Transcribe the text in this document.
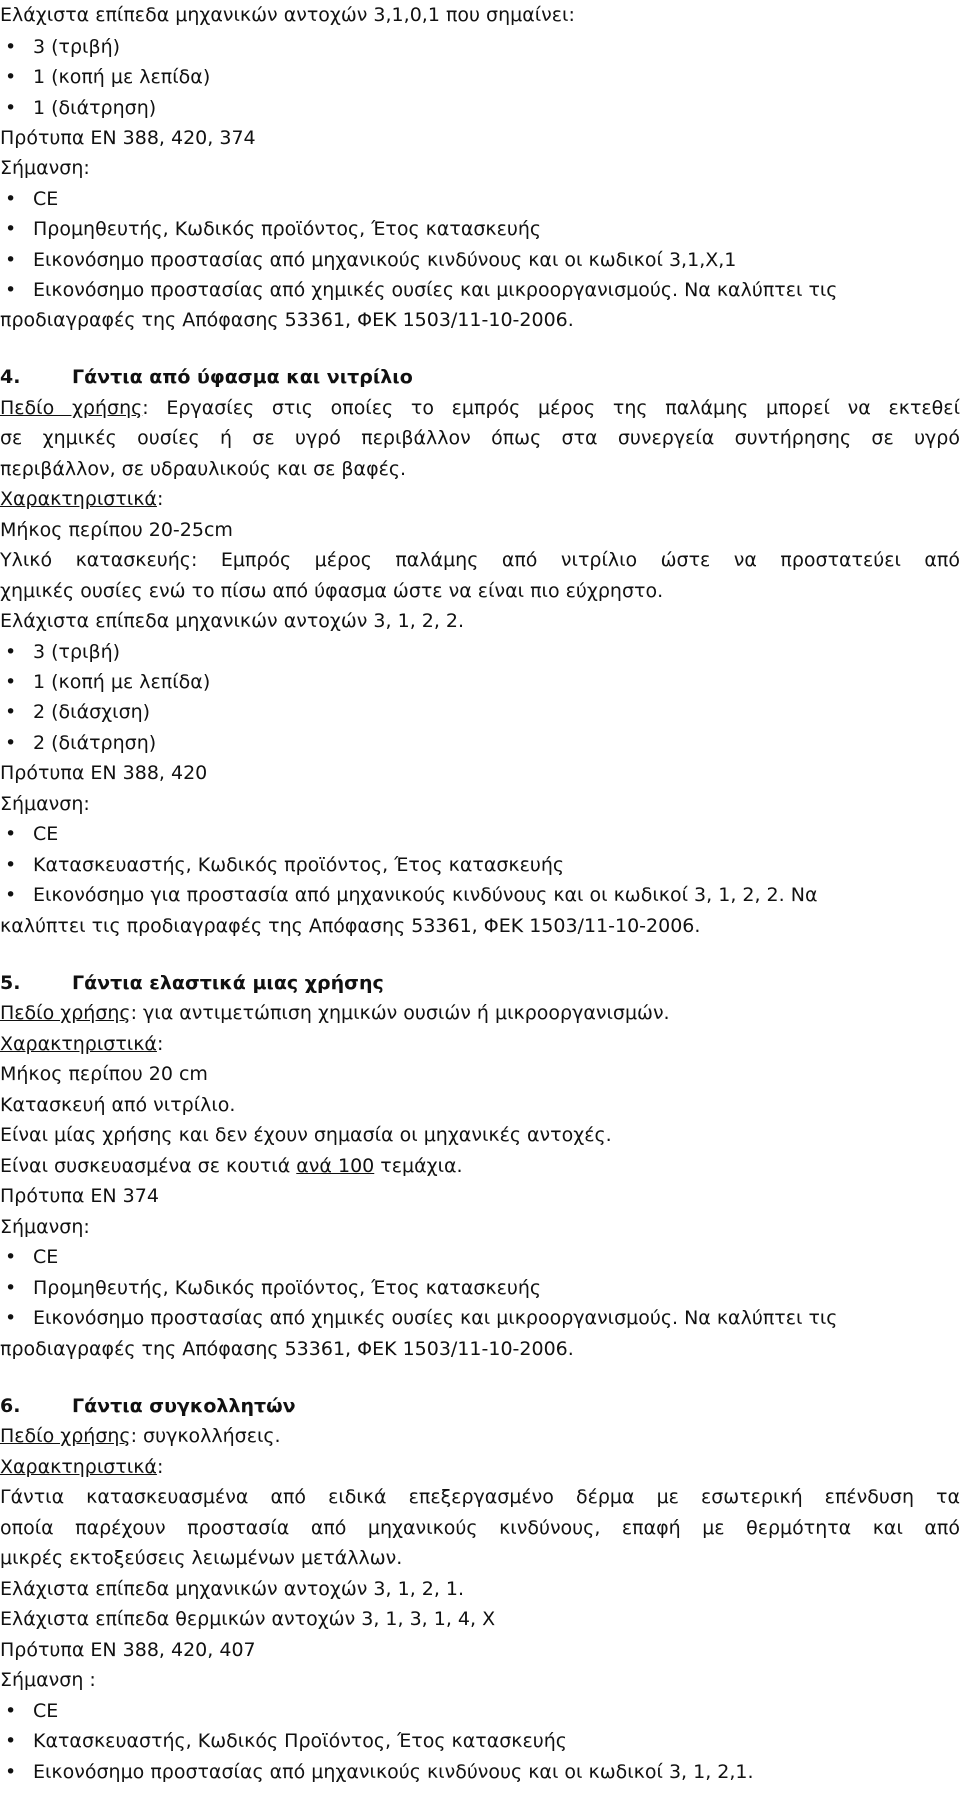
Ελάχιστα επίπεδα μηχανικών αντοχών 3,1,0,1 που σημαίνει:
• 3 (τριβή)
• 1 (κοπή με λεπίδα)
• 1 (διάτρηση)
Πρότυπα ΕΝ 388, 420, 374
Σήμανση:
• CE
• Προμηθευτής, Κωδικός προϊόντος, Έτος κατασκευής
• Εικονόσημο προστασίας από μηχανικούς κινδύνους και οι κωδικοί 3,1,Χ,1
• Εικονόσημο προστασίας από χημικές ουσίες και μικροοργανισμούς. Να καλύπτει τις
προδιαγραφές της Απόφασης 53361, ΦΕΚ 1503/11-10-2006.
4.	Γάντια από ύφασμα και νιτρίλιο
Πεδίο χρήσης: Εργασίες στις οποίες το εμπρός μέρος της παλάμης μπορεί να εκτεθεί
σε χημικές ουσίες ή σε υγρό περιβάλλον όπως στα συνεργεία συντήρησης σε υγρό
περιβάλλον, σε υδραυλικούς και σε βαφές.
Χαρακτηριστικά:
Μήκος περίπου 20-25cm
Υλικό κατασκευής: Εμπρός μέρος παλάμης από νιτρίλιο ώστε να προστατεύει από
χημικές ουσίες ενώ το πίσω από ύφασμα ώστε να είναι πιο εύχρηστο.
Ελάχιστα επίπεδα μηχανικών αντοχών 3, 1, 2, 2.
• 3 (τριβή)
• 1 (κοπή με λεπίδα)
• 2 (διάσχιση)
• 2 (διάτρηση)
Πρότυπα ΕΝ 388, 420
Σήμανση:
• CE
• Κατασκευαστής, Κωδικός προϊόντος, Έτος κατασκευής
• Εικονόσημο για προστασία από μηχανικούς κινδύνους και οι κωδικοί 3, 1, 2, 2. Να
καλύπτει τις προδιαγραφές της Απόφασης 53361, ΦΕΚ 1503/11-10-2006.
5.	Γάντια ελαστικά μιας χρήσης
Πεδίο χρήσης: για αντιμετώπιση χημικών ουσιών ή μικροοργανισμών.
Χαρακτηριστικά:
Μήκος περίπου 20 cm
Κατασκευή από νιτρίλιο.
Είναι μίας χρήσης και δεν έχουν σημασία οι μηχανικές αντοχές.
Είναι συσκευασμένα σε κουτιά ανά 100 τεμάχια.
Πρότυπα ΕΝ 374
Σήμανση:
• CE
• Προμηθευτής, Κωδικός προϊόντος, Έτος κατασκευής
• Εικονόσημο προστασίας από χημικές ουσίες και μικροοργανισμούς. Να καλύπτει τις
προδιαγραφές της Απόφασης 53361, ΦΕΚ 1503/11-10-2006.
6.	Γάντια συγκολλητών
Πεδίο χρήσης: συγκολλήσεις.
Χαρακτηριστικά:
Γάντια κατασκευασμένα από ειδικά επεξεργασμένο δέρμα με εσωτερική επένδυση τα
οποία παρέχουν προστασία από μηχανικούς κινδύνους, επαφή με θερμότητα και από
μικρές εκτοξεύσεις λειωμένων μετάλλων.
Ελάχιστα επίπεδα μηχανικών αντοχών 3, 1, 2, 1.
Ελάχιστα επίπεδα θερμικών αντοχών 3, 1, 3, 1, 4, Χ
Πρότυπα ΕΝ 388, 420, 407
Σήμανση :
• CE
• Κατασκευαστής, Κωδικός Προϊόντος, Έτος κατασκευής
• Εικονόσημο προστασίας από μηχανικούς κινδύνους και οι κωδικοί 3, 1, 2,1.
